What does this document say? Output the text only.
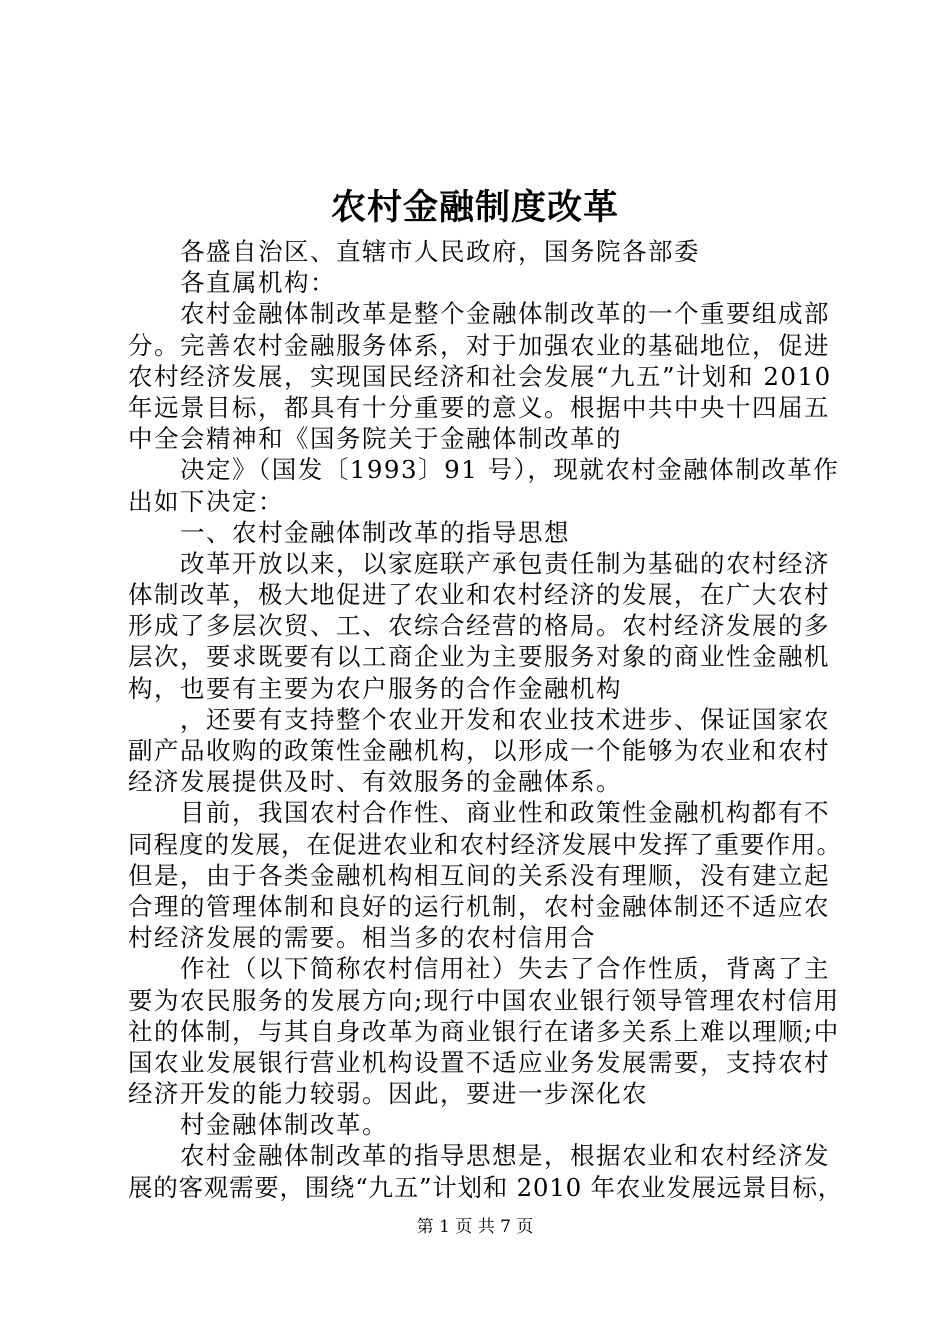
农村金融制度改革
各盛自治区、直辖市人民政府，国务院各部委
各直属机构：
农村金融体制改革是整个金融体制改革的一个重要组成部
分。完善农村金融服务体系，对于加强农业的基础地位，促进
农村经济发展，实现国民经济和社会发展“九五”计划和 2010
年远景目标，都具有十分重要的意义。根据中共中央十四届五
中全会精神和《国务院关于金融体制改革的
决定》（国发〔1993〕91 号），现就农村金融体制改革作
出如下决定：
一、农村金融体制改革的指导思想
改革开放以来，以家庭联产承包责任制为基础的农村经济
体制改革，极大地促进了农业和农村经济的发展，在广大农村
形成了多层次贸、工、农综合经营的格局。农村经济发展的多
层次，要求既要有以工商企业为主要服务对象的商业性金融机
构，也要有主要为农户服务的合作金融机构
，还要有支持整个农业开发和农业技术进步、保证国家农
副产品收购的政策性金融机构，以形成一个能够为农业和农村
经济发展提供及时、有效服务的金融体系。
目前，我国农村合作性、商业性和政策性金融机构都有不
同程度的发展，在促进农业和农村经济发展中发挥了重要作用。
但是，由于各类金融机构相互间的关系没有理顺，没有建立起
合理的管理体制和良好的运行机制，农村金融体制还不适应农
村经济发展的需要。相当多的农村信用合
作社（以下简称农村信用社）失去了合作性质，背离了主
要为农民服务的发展方向;现行中国农业银行领导管理农村信用
社的体制，与其自身改革为商业银行在诸多关系上难以理顺;中
国农业发展银行营业机构设置不适应业务发展需要，支持农村
经济开发的能力较弱。因此，要进一步深化农
村金融体制改革。
农村金融体制改革的指导思想是，根据农业和农村经济发
展的客观需要，围绕“九五”计划和 2010 年农业发展远景目标，
第 1 页 共 7 页
